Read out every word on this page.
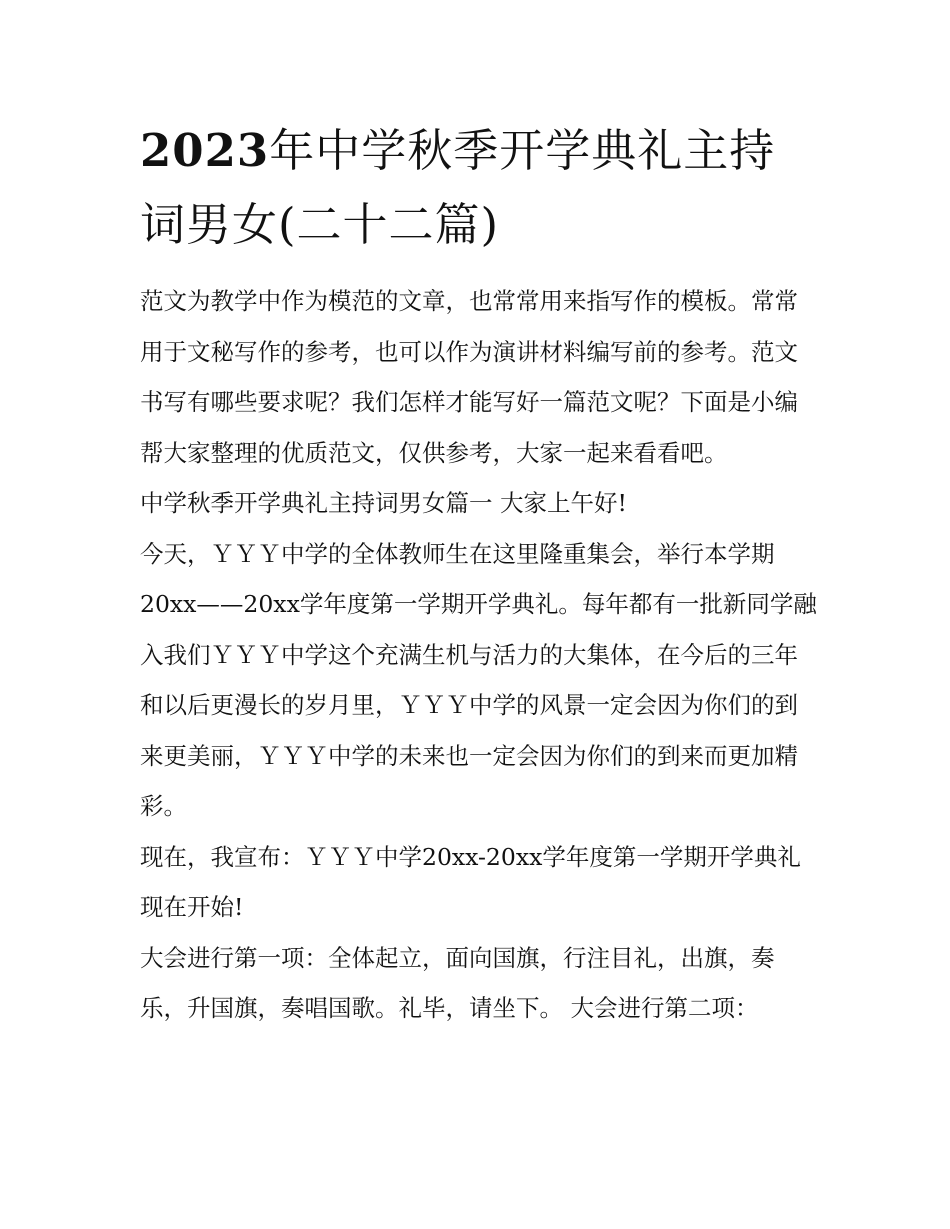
2023年中学秋季开学典礼主持词男女(二十二篇)

范文为教学中作为模范的文章，也常常用来指写作的模板。常常用于文秘写作的参考，也可以作为演讲材料编写前的参考。范文书写有哪些要求呢？我们怎样才能写好一篇范文呢？下面是小编帮大家整理的优质范文，仅供参考，大家一起来看看吧。

中学秋季开学典礼主持词男女篇一 大家上午好!

今天，ＹＹＹ中学的全体教师生在这里隆重集会，举行本学期20xx——20xx学年度第一学期开学典礼。每年都有一批新同学融入我们ＹＹＹ中学这个充满生机与活力的大集体，在今后的三年和以后更漫长的岁月里，ＹＹＹ中学的风景一定会因为你们的到来更美丽，ＹＹＹ中学的未来也一定会因为你们的到来而更加精彩。

现在，我宣布：ＹＹＹ中学20xx-20xx学年度第一学期开学典礼现在开始!

大会进行第一项：全体起立，面向国旗，行注目礼，出旗，奏乐，升国旗，奏唱国歌。礼毕，请坐下。 大会进行第二项：
